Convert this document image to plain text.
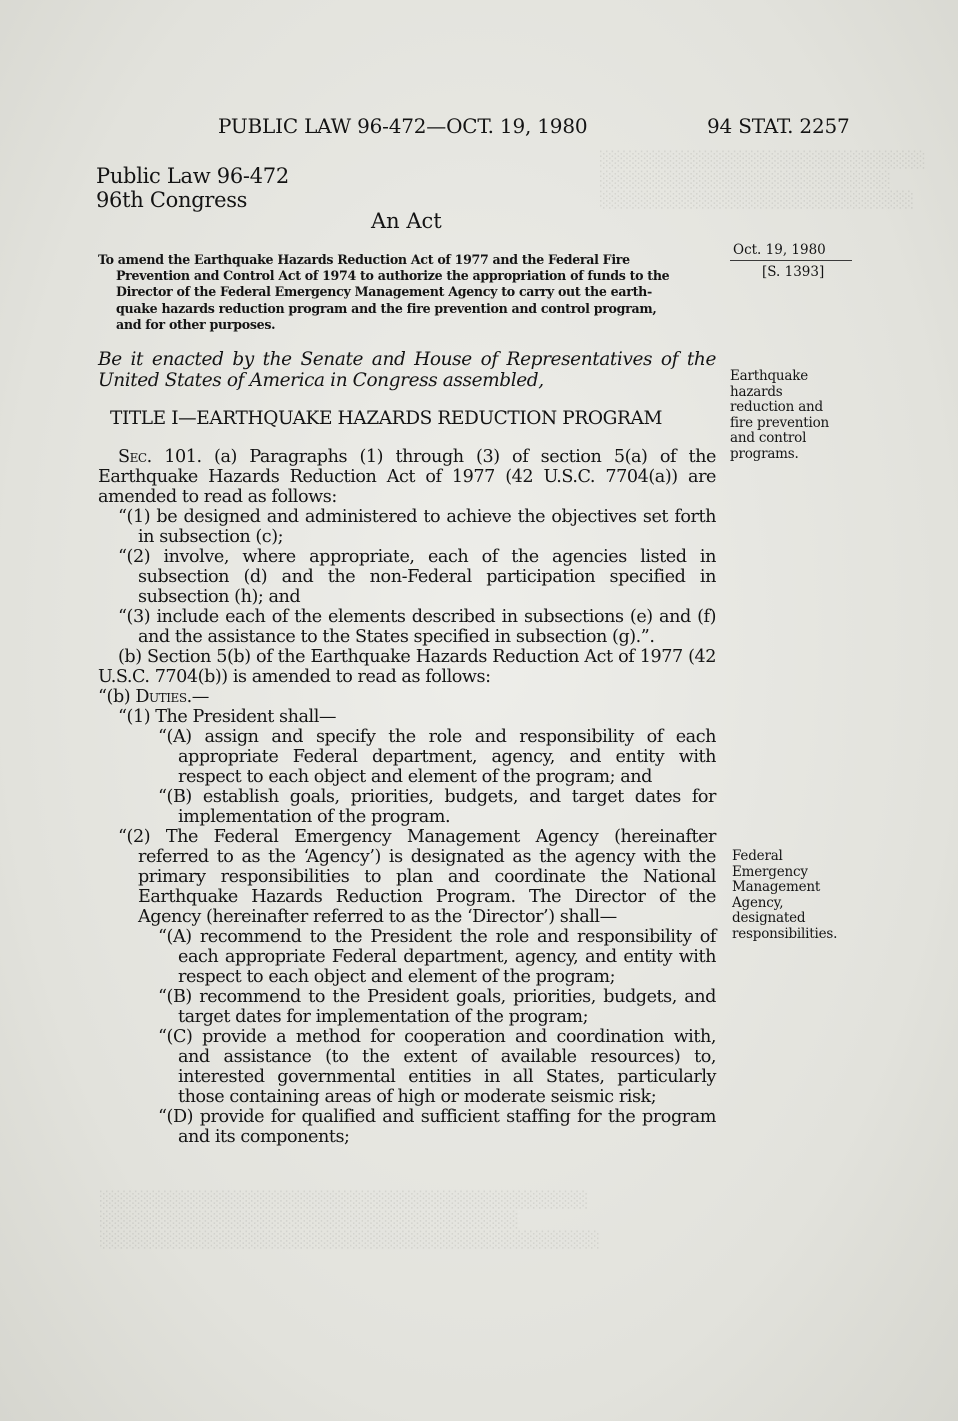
░░░░░░░░░░░░░░░░░░░░░░░░░░░░
░░░░░░░░░░░░░░░░░░░░░░░░░
░░░░░░░░░░░░░░░░░░░░░░░░░░░
PUBLIC LAW 96-472—OCT. 19, 1980	94 STAT. 2257
Public Law 96-472
96th Congress
An Act
To amend the Earthquake Hazards Reduction Act of 1977 and the Federal Fire
Prevention and Control Act of 1974 to authorize the appropriation of funds to the
Director of the Federal Emergency Management Agency to carry out the earth-
quake hazards reduction program and the fire prevention and control program,
and for other purposes.
Oct. 19, 1980
[S. 1393]
Be it enacted by the Senate and House of Representatives of the United States of America in Congress assembled,
TITLE I—EARTHQUAKE HAZARDS REDUCTION PROGRAM
Earthquake hazards reduction and fire prevention and control programs.
Federal Emergency Management Agency, designated responsibilities.

Sec. 101. (a) Paragraphs (1) through (3) of section 5(a) of the Earthquake Hazards Reduction Act of 1977 (42 U.S.C. 7704(a)) are amended to read as follows:

“(1) be designed and administered to achieve the objectives set forth in subsection (c);

“(2) involve, where appropriate, each of the agencies listed in subsection (d) and the non-Federal participation specified in subsection (h); and

“(3) include each of the elements described in subsections (e) and (f) and the assistance to the States specified in subsection (g).”.

(b) Section 5(b) of the Earthquake Hazards Reduction Act of 1977 (42 U.S.C. 7704(b)) is amended to read as follows:

“(b) Duties.—

“(1) The President shall—

“(A) assign and specify the role and responsibility of each appropriate Federal department, agency, and entity with respect to each object and element of the program; and

“(B) establish goals, priorities, budgets, and target dates for implementation of the program.

“(2) The Federal Emergency Management Agency (hereinafter referred to as the ‘Agency’) is designated as the agency with the primary responsibilities to plan and coordinate the National Earthquake Hazards Reduction Program. The Director of the Agency (hereinafter referred to as the ‘Director’) shall—

“(A) recommend to the President the role and responsibility of each appropriate Federal department, agency, and entity with respect to each object and element of the program;

“(B) recommend to the President goals, priorities, budgets, and target dates for implementation of the program;

“(C) provide a method for cooperation and coordination with, and assistance (to the extent of available resources) to, interested governmental entities in all States, particularly those containing areas of high or moderate seismic risk;

“(D) provide for qualified and sufficient staffing for the program and its components;

░░░░░░░░░░░░░░░░░░░░░░░░░░░░░░░░░░░░░░░░░░
░░░░░░░░░░░░░░░░░░░░░░░░░░░░░░░░░░░░
░░░░░░░░░░░░░░░░░░░░░░░░░░░░░░░░░░░░░░░░░░░
